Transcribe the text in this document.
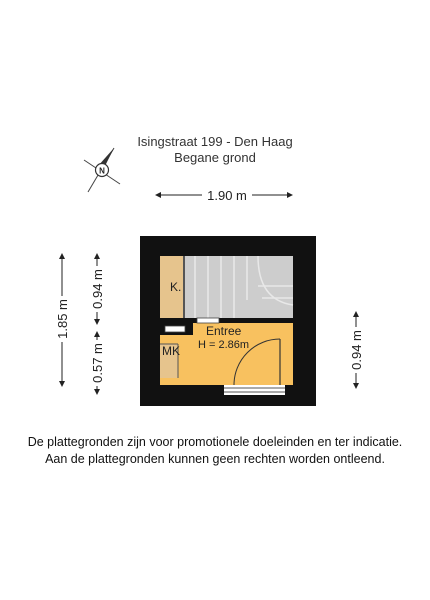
Isingstraat 199 - Den Haag
Begane grond
N
1.90 m
1.85 m
0.94 m
0.57 m	0.94 m
K.
Entree
H = 2.86m
MK
De plattegronden zijn voor promotionele doeleinden en ter indicatie.
Aan de plattegronden kunnen geen rechten worden ontleend.
